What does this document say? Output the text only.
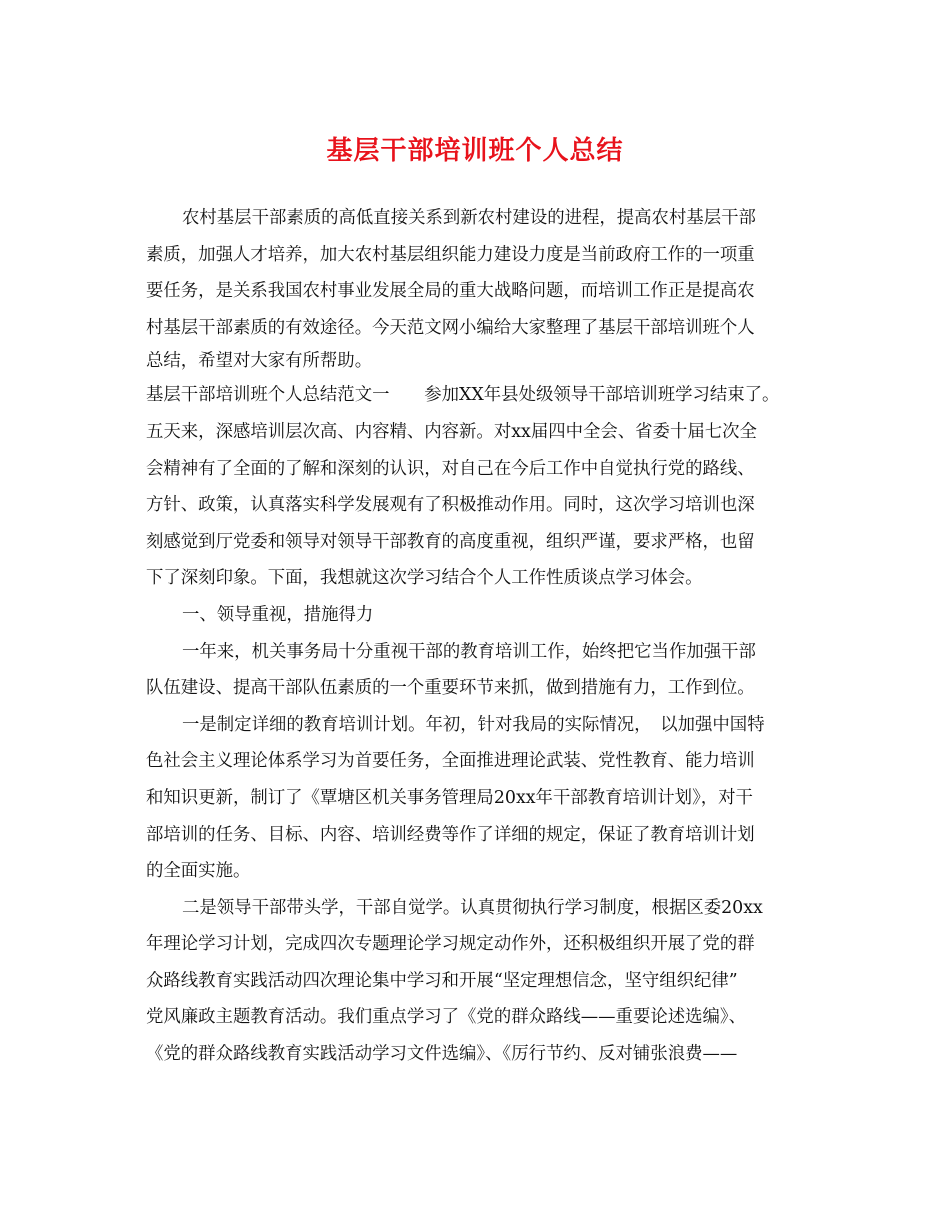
基层干部培训班个人总结
农村基层干部素质的高低直接关系到新农村建设的进程，提高农村基层干部
素质，加强人才培养，加大农村基层组织能力建设力度是当前政府工作的一项重
要任务，是关系我国农村事业发展全局的重大战略问题，而培训工作正是提高农
村基层干部素质的有效途径。今天范文网小编给大家整理了基层干部培训班个人
总结，希望对大家有所帮助。
基层干部培训班个人总结范文一　　参加XX年县处级领导干部培训班学习结束了。
五天来，深感培训层次高、内容精、内容新。对xx届四中全会、省委十届七次全
会精神有了全面的了解和深刻的认识，对自己在今后工作中自觉执行党的路线、
方针、政策，认真落实科学发展观有了积极推动作用。同时，这次学习培训也深
刻感觉到厅党委和领导对领导干部教育的高度重视，组织严谨，要求严格，也留
下了深刻印象。下面，我想就这次学习结合个人工作性质谈点学习体会。
一、领导重视，措施得力
一年来，机关事务局十分重视干部的教育培训工作，始终把它当作加强干部
队伍建设、提高干部队伍素质的一个重要环节来抓，做到措施有力，工作到位。
一是制定详细的教育培训计划。年初，针对我局的实际情况，　以加强中国特
色社会主义理论体系学习为首要任务，全面推进理论武装、党性教育、能力培训
和知识更新，制订了《覃塘区机关事务管理局20xx年干部教育培训计划》，对干
部培训的任务、目标、内容、培训经费等作了详细的规定，保证了教育培训计划
的全面实施。
二是领导干部带头学，干部自觉学。认真贯彻执行学习制度，根据区委20xx
年理论学习计划，完成四次专题理论学习规定动作外，还积极组织开展了党的群
众路线教育实践活动四次理论集中学习和开展“坚定理想信念，坚守组织纪律”
党风廉政主题教育活动。我们重点学习了《党的群众路线——重要论述选编》、
《党的群众路线教育实践活动学习文件选编》、《厉行节约、反对铺张浪费——
